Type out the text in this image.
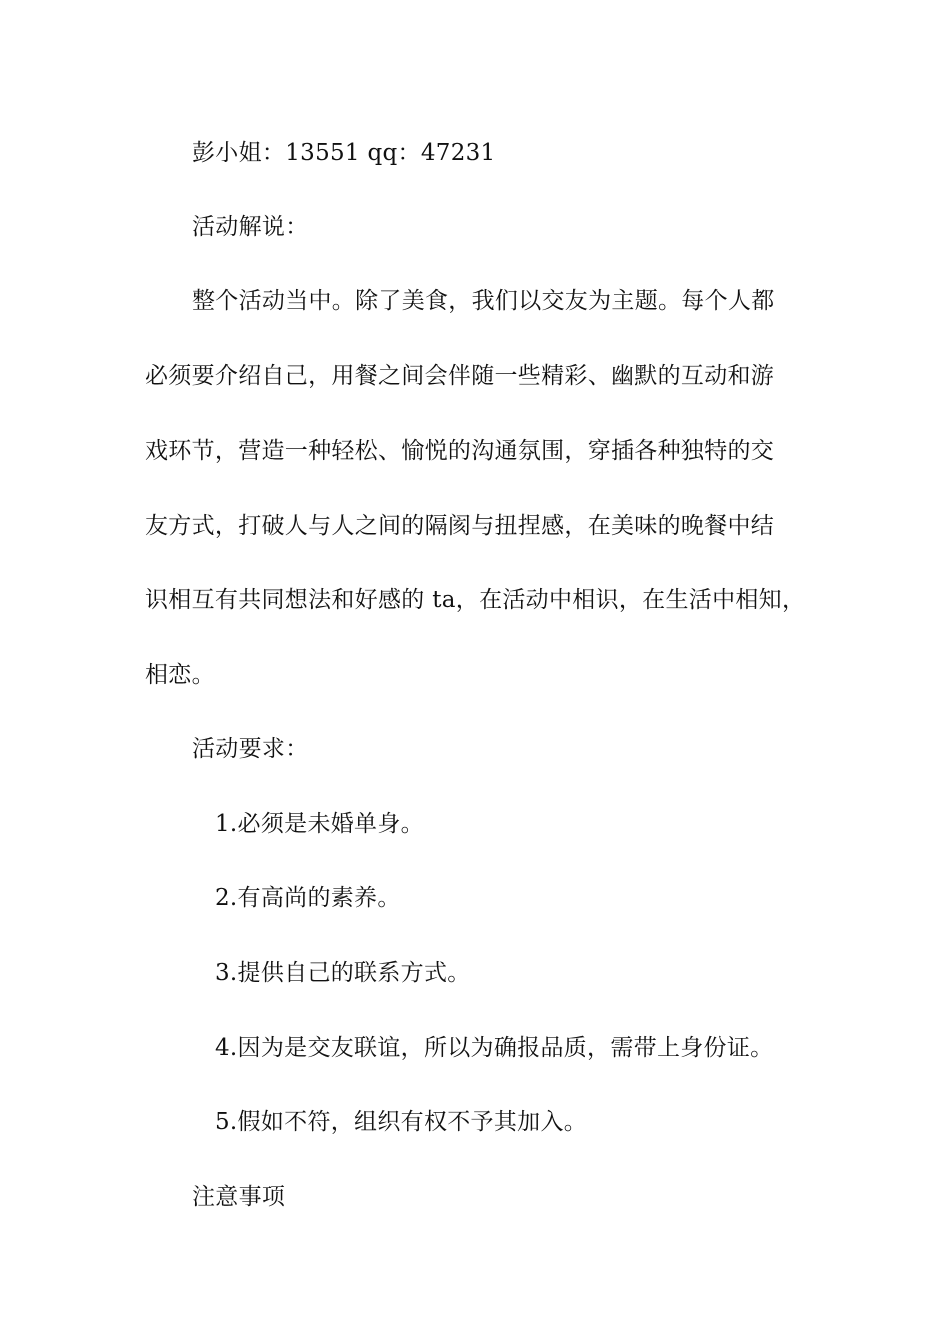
彭小姐：13551 qq：47231
活动解说：
整个活动当中。除了美食，我们以交友为主题。每个人都
必须要介绍自己，用餐之间会伴随一些精彩、幽默的互动和游
戏环节，营造一种轻松、愉悦的沟通氛围，穿插各种独特的交
友方式，打破人与人之间的隔阂与扭捏感，在美味的晚餐中结
识相互有共同想法和好感的 ta，在活动中相识，在生活中相知，
相恋。
活动要求：
1.必须是未婚单身。
2.有高尚的素养。
3.提供自己的联系方式。
4.因为是交友联谊，所以为确报品质，需带上身份证。
5.假如不符，组织有权不予其加入。
注意事项
